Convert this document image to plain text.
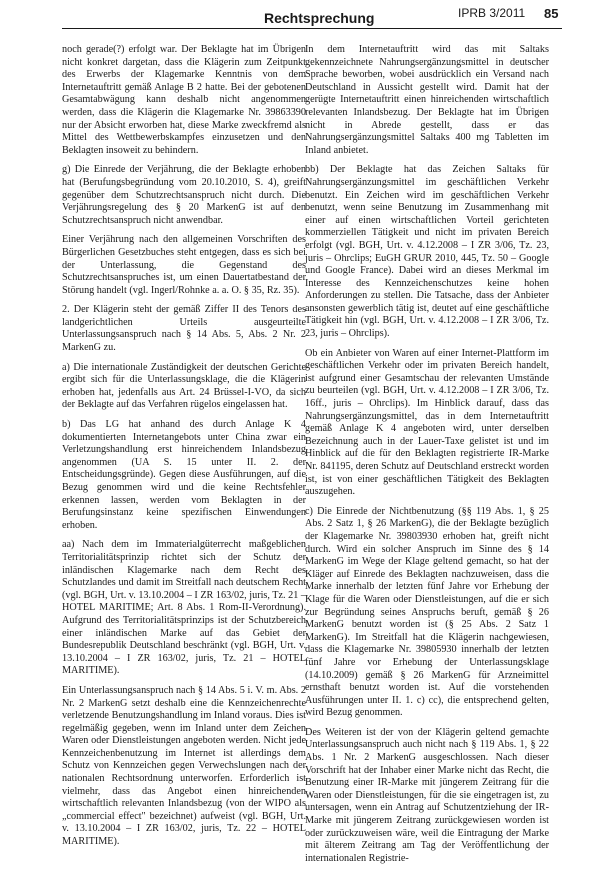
Rechtsprechung	IPRB 3/2011 85

noch gerade(?) erfolgt war. Der Beklagte hat im Übrigen nicht konkret dargetan, dass die Klägerin zum Zeitpunkt des Erwerbs der Klagemarke Kenntnis von dem Internetauftritt gemäß Anlage B 2 hatte. Bei der gebotenen Gesamtabwägung kann deshalb nicht angenommen werden, dass die Klägerin die Klagemarke Nr. 39863390 nur der Absicht erworben hat, diese Marke zweckfremd als Mittel des Wettbewerbskampfes einzusetzen und den Beklagten insoweit zu behindern.

g) Die Einrede der Verjährung, die der Beklagte erhoben hat (Berufungsbegründung vom 20.10.2010, S. 4), greift gegenüber dem Schutzrechtsanspruch nicht durch. Die Verjährungsregelung des § 20 MarkenG ist auf den Schutzrechtsanspruch nicht anwendbar.

Einer Verjährung nach den allgemeinen Vorschriften des Bürgerlichen Gesetzbuches steht entgegen, dass es sich bei der Unterlassung, die Gegenstand des Schutzrechtsanspruches ist, um einen Dauertatbestand der Störung handelt (vgl. Ingerl/Rohnke a. a. O. § 35, Rz. 35).

2. Der Klägerin steht der gemäß Ziffer II des Tenors des landgerichtlichen Urteils ausgeurteilte Unterlassungsanspruch nach § 14 Abs. 5, Abs. 2 Nr. 2 MarkenG zu.

a) Die internationale Zuständigkeit der deutschen Gerichte ergibt sich für die Unterlassungsklage, die die Klägerin erhoben hat, jedenfalls aus Art. 24 Brüssel-I-VO, da sich der Beklagte auf das Verfahren rügelos eingelassen hat.

b) Das LG hat anhand des durch Anlage K 4 dokumentierten Internetangebots unter China zwar ein Verletzungshandlung erst hinreichendem Inlandsbezug angenommen (UA S. 15 unter II. 2. der Entscheidungsgründe). Gegen diese Ausführungen, auf die Bezug genommen wird und die keine Rechtsfehler erkennen lassen, werden vom Beklagten in der Berufungsinstanz keine spezifischen Einwendungen erhoben.

aa) Nach dem im Immaterialgüterrecht maßgeblichen Territorialitätsprinzip richtet sich der Schutz der inländischen Klagemarke nach dem Recht des Schutzlandes und damit im Streitfall nach deutschem Recht (vgl. BGH, Urt. v. 13.10.2004 – I ZR 163/02, juris, Tz. 21 – HOTEL MARITIME; Art. 8 Abs. 1 Rom-II-Verordnung). Aufgrund des Territorialitätsprinzips ist der Schutzbereich einer inländischen Marke auf das Gebiet der Bundesrepublik Deutschland beschränkt (vgl. BGH, Urt. v. 13.10.2004 – I ZR 163/02, juris, Tz. 21 – HOTEL MARITIME).

Ein Unterlassungsanspruch nach § 14 Abs. 5 i. V. m. Abs. 2 Nr. 2 MarkenG setzt deshalb eine die Kennzeichenrechte verletzende Benutzungshandlung im Inland voraus. Dies ist regelmäßig gegeben, wenn im Inland unter dem Zeichen Waren oder Dienstleistungen angeboten werden. Nicht jede Kennzeichenbenutzung im Internet ist allerdings dem Schutz von Kennzeichen gegen Verwechslungen nach der nationalen Rechtsordnung unterworfen. Erforderlich ist vielmehr, dass das Angebot einen hinreichenden wirtschaftlich relevanten Inlandsbezug (von der WIPO als „commercial effect" bezeichnet) aufweist (vgl. BGH, Urt. v. 13.10.2004 – I ZR 163/02, juris, Tz. 22 – HOTEL MARITIME).

In dem Internetauftritt wird das mit Saltaks gekennzeichnete Nahrungsergänzungsmittel in deutscher Sprache beworben, wobei ausdrücklich ein Versand nach Deutschland in Aussicht gestellt wird. Damit hat der gerügte Internetauftritt einen hinreichenden wirtschaftlich relevanten Inlandsbezug. Der Beklagte hat im Übrigen nicht in Abrede gestellt, dass er das Nahrungsergänzungsmittel Saltaks 400 mg Tabletten im Inland anbietet.

bb) Der Beklagte hat das Zeichen Saltaks für Nahrungsergänzungsmittel im geschäftlichen Verkehr benutzt. Ein Zeichen wird im geschäftlichen Verkehr benutzt, wenn seine Benutzung im Zusammenhang mit einer auf einen wirtschaftlichen Vorteil gerichteten kommerziellen Tätigkeit und nicht im privaten Bereich erfolgt (vgl. BGH, Urt. v. 4.12.2008 – I ZR 3/06, Tz. 23, juris – Ohrclips; EuGH GRUR 2010, 445, Tz. 50 – Google und Google France). Dabei wird an dieses Merkmal im Interesse des Kennzeichenschutzes keine hohen Anforderungen zu stellen. Die Tatsache, dass der Anbieter ansonsten gewerblich tätig ist, deutet auf eine geschäftliche Tätigkeit hin (vgl. BGH, Urt. v. 4.12.2008 – I ZR 3/06, Tz. 23, juris – Ohrclips).

Ob ein Anbieter von Waren auf einer Internet-Plattform im geschäftlichen Verkehr oder im privaten Bereich handelt, ist aufgrund einer Gesamtschau der relevanten Umstände zu beurteilen (vgl. BGH, Urt. v. 4.12.2008 – I ZR 3/06, Tz. 16ff., juris – Ohrclips). Im Hinblick darauf, dass das Nahrungsergänzungsmittel, das in dem Internetauftritt gemäß Anlage K 4 angeboten wird, unter derselben Bezeichnung auch in der Lauer-Taxe gelistet ist und im Hinblick auf die für den Beklagten registrierte IR-Marke Nr. 841195, deren Schutz auf Deutschland erstreckt worden ist, ist von einer geschäftlichen Tätigkeit des Beklagten auszugehen.

c) Die Einrede der Nichtbenutzung (§§ 119 Abs. 1, § 25 Abs. 2 Satz 1, § 26 MarkenG), die der Beklagte bezüglich der Klagemarke Nr. 39803930 erhoben hat, greift nicht durch. Wird ein solcher Anspruch im Sinne des § 14 MarkenG im Wege der Klage geltend gemacht, so hat der Kläger auf Einrede des Beklagten nachzuweisen, dass die Marke innerhalb der letzten fünf Jahre vor Erhebung der Klage für die Waren oder Dienstleistungen, auf die er sich zur Begründung seines Anspruchs beruft, gemäß § 26 MarkenG benutzt worden ist (§ 25 Abs. 2 Satz 1 MarkenG). Im Streitfall hat die Klägerin nachgewiesen, dass die Klagemarke Nr. 39805930 innerhalb der letzten fünf Jahre vor Erhebung der Unterlassungsklage (14.10.2009) gemäß § 26 MarkenG für Arzneimittel ernsthaft benutzt worden ist. Auf die vorstehenden Ausführungen unter II. 1. c) cc), die entsprechend gelten, wird Bezug genommen.

Des Weiteren ist der von der Klägerin geltend gemachte Unterlassungsanspruch auch nicht nach § 119 Abs. 1, § 22 Abs. 1 Nr. 2 MarkenG ausgeschlossen. Nach dieser Vorschrift hat der Inhaber einer Marke nicht das Recht, die Benutzung einer IR-Marke mit jüngerem Zeitrang für die Waren oder Dienstleistungen, für die sie eingetragen ist, zu untersagen, wenn ein Antrag auf Schutzentziehung der IR-Marke mit jüngerem Zeitrang zurückgewiesen worden ist oder zurückzuweisen wäre, weil die Eintragung der Marke mit älterem Zeitrang am Tag der Veröffentlichung der internationalen Registrie-
